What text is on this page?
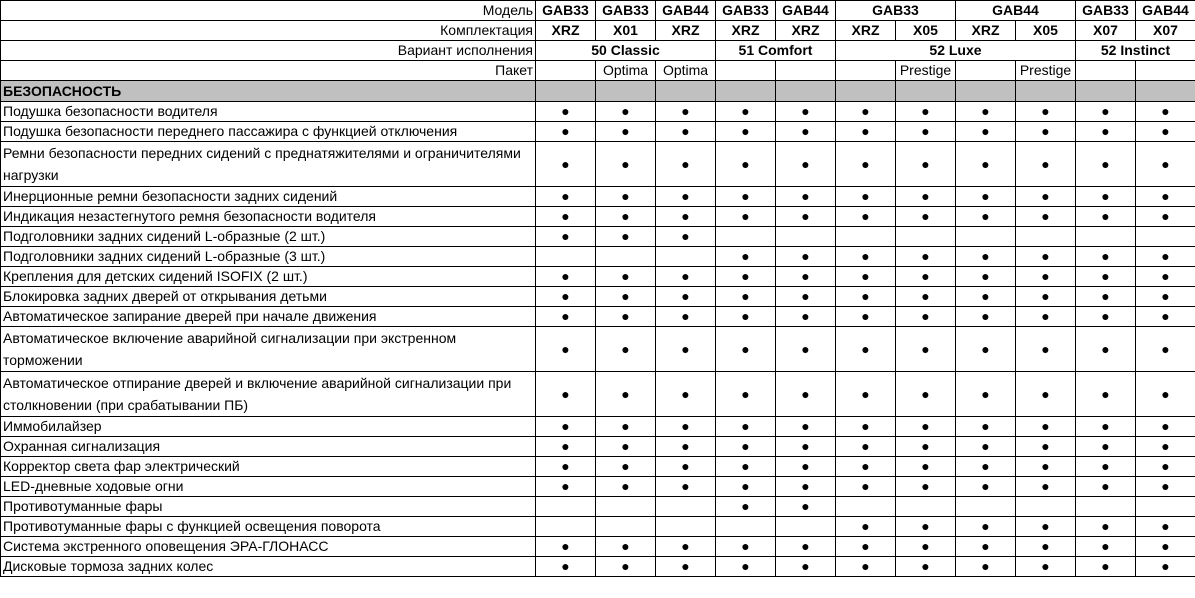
Модель	GAB33	GAB33	GAB44	GAB33	GAB44	GAB33		GAB44		GAB33	GAB44
Комплектация	XRZ	X01	XRZ	XRZ	XRZ	XRZ	X05	XRZ	X05	X07	X07
Вариант исполнения	50 Classic			51 Comfort		52 Luxe				52 Instinct	
Пакет		Optima	Optima				Prestige		Prestige		
БЕЗОПАСНОСТЬ											
Подушка безопасности водителя	●	●	●	●	●	●	●	●	●	●	●
Подушка безопасности переднего пассажира с функцией отключения	●	●	●	●	●	●	●	●	●	●	●
Ремни безопасности передних сидений с преднатяжителями и ограничителями нагрузки	●	●	●	●	●	●	●	●	●	●	●
Инерционные ремни безопасности задних сидений	●	●	●	●	●	●	●	●	●	●	●
Индикация незастегнутого ремня безопасности водителя	●	●	●	●	●	●	●	●	●	●	●
Подголовники задних сидений L-образные (2 шт.)	●	●	●								
Подголовники задних сидений L-образные (3 шт.)				●	●	●	●	●	●	●	●
Крепления для детских сидений ISOFIX (2 шт.)	●	●	●	●	●	●	●	●	●	●	●
Блокировка задних дверей от открывания детьми	●	●	●	●	●	●	●	●	●	●	●
Автоматическое запирание дверей при начале движения	●	●	●	●	●	●	●	●	●	●	●
Автоматическое включение аварийной сигнализации при экстренном торможении	●	●	●	●	●	●	●	●	●	●	●
Автоматическое отпирание дверей и включение аварийной сигнализации при столкновении (при срабатывании ПБ)	●	●	●	●	●	●	●	●	●	●	●
Иммобилайзер	●	●	●	●	●	●	●	●	●	●	●
Охранная сигнализация	●	●	●	●	●	●	●	●	●	●	●
Корректор света фар электрический	●	●	●	●	●	●	●	●	●	●	●
LED-дневные ходовые огни	●	●	●	●	●	●	●	●	●	●	●
Противотуманные фары				●	●						
Противотуманные фары с функцией освещения поворота						●	●	●	●	●	●
Система экстренного оповещения ЭРА-ГЛОНАСС	●	●	●	●	●	●	●	●	●	●	●
Дисковые тормоза задних колес	●	●	●	●	●	●	●	●	●	●	●
